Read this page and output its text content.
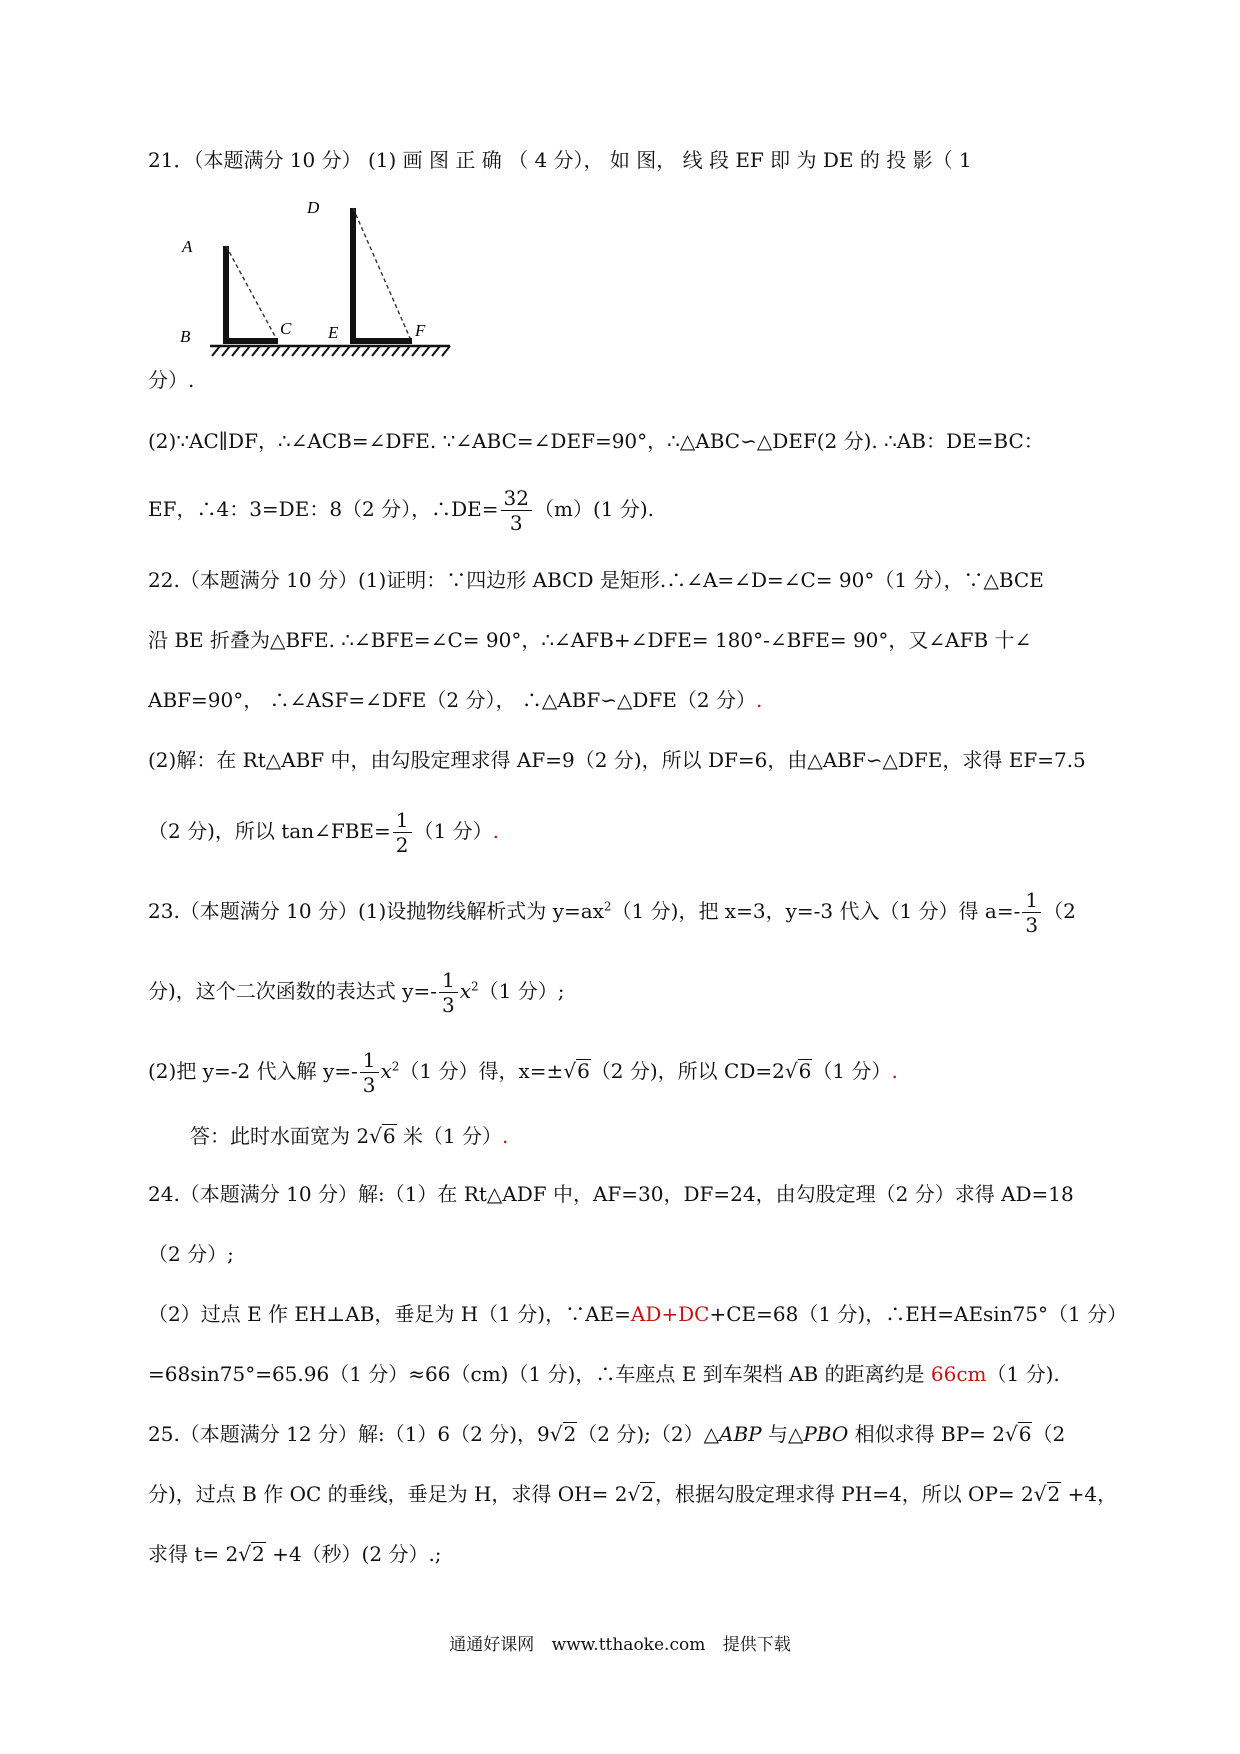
21．（本题满分 10 分） (1) 画 图 正 确 （ 4 分）， 如 图， 线 段 EF 即 为 DE 的 投 影（ 1
A
B	C
D
E	F
分）.
(2)∵AC∥DF，∴∠ACB=∠DFE. ∵∠ABC=∠DEF=90°，∴△ABC∽△DEF(2 分). ∴AB：DE=BC：
EF，∴4：3=DE：8（2 分），∴DE= $\frac{32}{3} (m)(1$ 分).
22.（本题满分 10 分）(1)证明：∵四边形 ABCD 是矩形.∴∠A=∠D=∠C= 90°（1 分），∵△BCE
沿 BE 折叠为△BFE. ∴∠BFE=∠C= 90°，∴∠AFB+∠DFE= 180°-∠BFE= 90°，又∠AFB 十∠
ABF=90°， ∴∠ASF=∠DFE（2 分）， ∴△ABF∽△DFE（2 分）.
(2)解：在 Rt△ABF 中，由勾股定理求得 AF=9（2 分)，所以 DF=6，由△ABF∽△DFE，求得 EF=7.5
（2 分)，所以 tan∠FBE= $\frac{1}{2} (1$ 分）.
23.（本题满分 10 分）(1)设抛物线解析式为 $y=ax^2(1$ 分)，把 x=3，y=-3 代入（1 分）得 $a=- \frac{1}{3} (2$
分)，这个二次函数的表达式 $y=- \frac{1}{3} x^2(1$ 分）;
(2)把 y=-2 代入解 $y=- \frac{1}{3} x^2(1$ 分）得，x=±√6（2 分)，所以 CD=2√6（1 分）.
答：此时水面宽为 2√6 米（1 分）.
24.（本题满分 10 分）解:（1）在 Rt△ADF 中，AF=30，DF=24，由勾股定理（2 分）求得 AD=18
（2 分）;
（2）过点 E 作 EH⊥AB，垂足为 H（1 分)，∵AE=AD+DC+CE=68（1 分)，∴EH=AEsin75°（1 分）
=68sin75°=65.96（1 分）≈66（cm)（1 分)，∴车座点 E 到车架档 AB 的距离约是 66cm（1 分).
25.（本题满分 12 分）解:（1）6（2 分)，9√2（2 分);（2）△ABP 与△PBO 相似求得 BP= 2√6（2
分)，过点 B 作 OC 的垂线，垂足为 H，求得 OH= 2√2，根据勾股定理求得 PH=4，所以 OP= 2√2 +4，
求得 t= 2√2 +4（秒）(2 分）.;
通通好课网 www.tthaoke.com 提供下载
